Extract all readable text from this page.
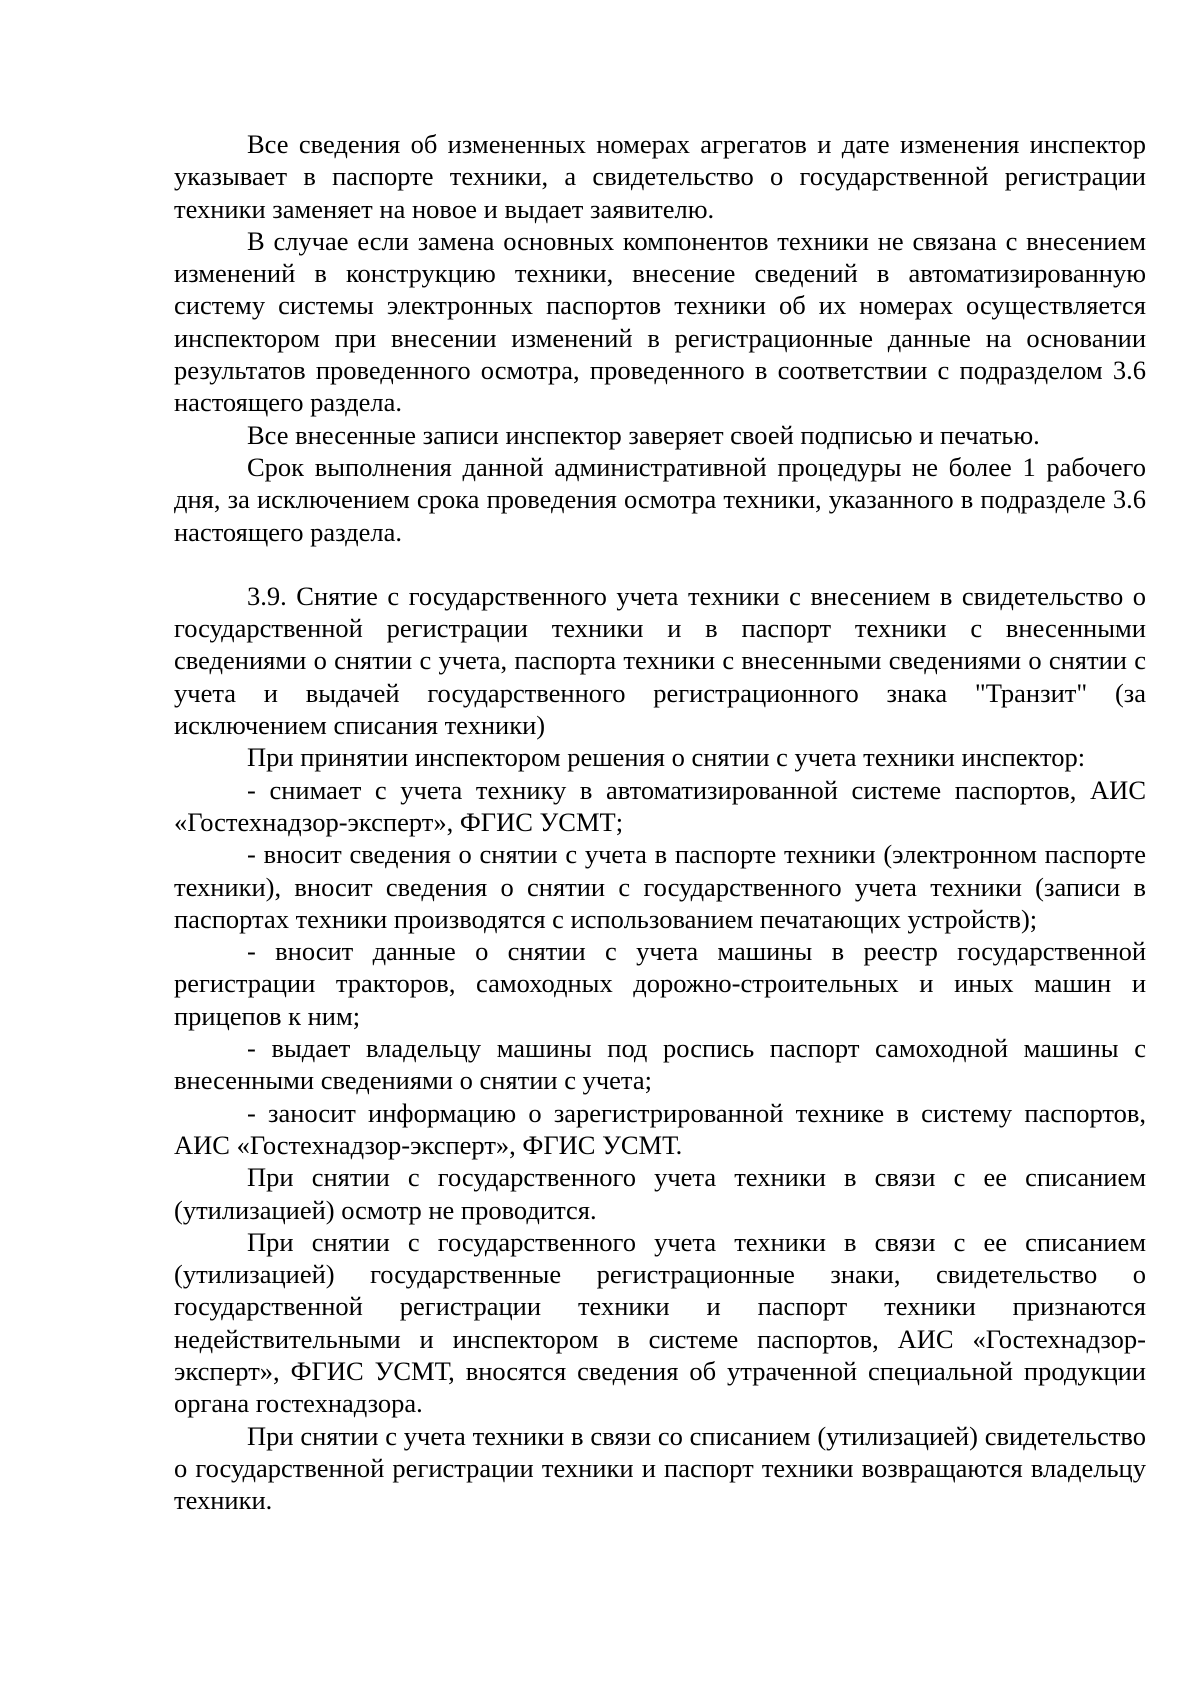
Все сведения об измененных номерах агрегатов и дате изменения инспектор указывает в паспорте техники, а свидетельство о государственной регистрации техники заменяет на новое и выдает заявителю.

В случае если замена основных компонентов техники не связана с внесением изменений в конструкцию техники, внесение сведений в автоматизированную систему системы электронных паспортов техники об их номерах осуществляется инспектором при внесении изменений в регистрационные данные на основании результатов проведенного осмотра, проведенного в соответствии с подразделом 3.6 настоящего раздела.

Все внесенные записи инспектор заверяет своей подписью и печатью.

Срок выполнения данной административной процедуры не более 1 рабочего дня, за исключением срока проведения осмотра техники, указанного в подразделе 3.6 настоящего раздела.

3.9. Снятие с государственного учета техники с внесением в свидетельство о государственной регистрации техники и в паспорт техники с внесенными сведениями о снятии с учета, паспорта техники с внесенными сведениями о снятии с учета и выдачей государственного регистрационного знака "Транзит" (за исключением списания техники)

При принятии инспектором решения о снятии с учета техники инспектор:

- снимает с учета технику в автоматизированной системе паспортов, АИС «Гостехнадзор-эксперт», ФГИС УСМТ;

- вносит сведения о снятии с учета в паспорте техники (электронном паспорте техники), вносит сведения о снятии с государственного учета техники (записи в паспортах техники производятся с использованием печатающих устройств);

- вносит данные о снятии с учета машины в реестр государственной регистрации тракторов, самоходных дорожно-строительных и иных машин и прицепов к ним;

- выдает владельцу машины под роспись паспорт самоходной машины с внесенными сведениями о снятии с учета;

- заносит информацию о зарегистрированной технике в систему паспортов, АИС «Гостехнадзор-эксперт», ФГИС УСМТ.

При снятии с государственного учета техники в связи с ее списанием (утилизацией) осмотр не проводится.

При снятии с государственного учета техники в связи с ее списанием (утилизацией) государственные регистрационные знаки, свидетельство о государственной регистрации техники и паспорт техники признаются недействительными и инспектором в системе паспортов, АИС «Гостехнадзор-эксперт», ФГИС УСМТ, вносятся сведения об утраченной специальной продукции органа гостехнадзора.

При снятии с учета техники в связи со списанием (утилизацией) свидетельство о государственной регистрации техники и паспорт техники возвращаются владельцу техники.
